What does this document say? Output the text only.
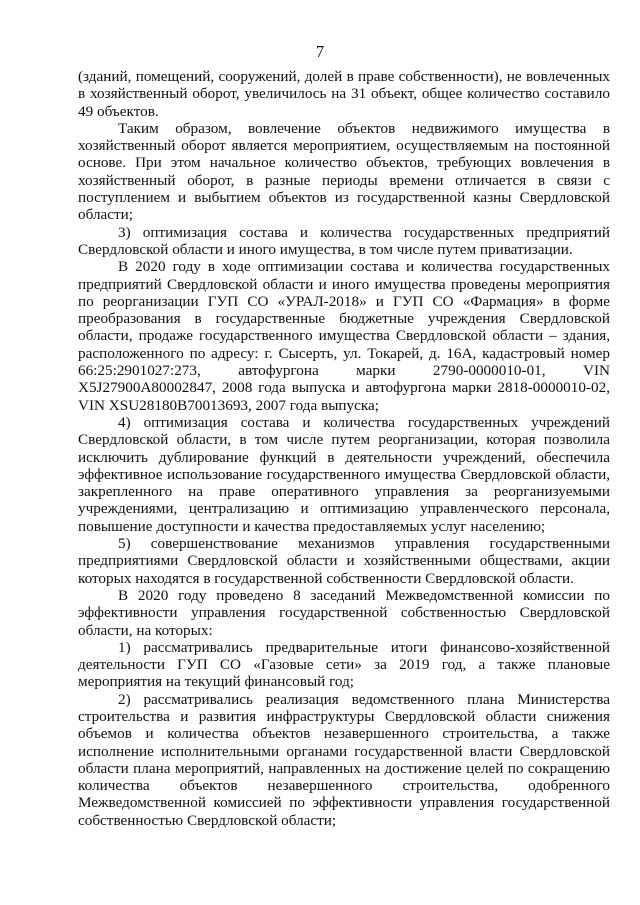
7

(зданий, помещений, сооружений, долей в праве собственности), не вовлеченных в хозяйственный оборот, увеличилось на 31 объект, общее количество составило 49 объектов.

Таким образом, вовлечение объектов недвижимого имущества в хозяйственный оборот является мероприятием, осуществляемым на постоянной основе. При этом начальное количество объектов, требующих вовлечения в хозяйственный оборот, в разные периоды времени отличается в связи с поступлением и выбытием объектов из государственной казны Свердловской области;

3) оптимизация состава и количества государственных предприятий Свердловской области и иного имущества, в том числе путем приватизации.

В 2020 году в ходе оптимизации состава и количества государственных предприятий Свердловской области и иного имущества проведены мероприятия по реорганизации ГУП СО «УРАЛ-2018» и ГУП СО «Фармация» в форме преобразования в государственные бюджетные учреждения Свердловской области, продаже государственного имущества Свердловской области – здания, расположенного по адресу: г. Сысерть, ул. Токарей, д. 16А, кадастровый номер 66:25:2901027:273, автофургона марки 2790-0000010-01, VIN X5J27900A80002847, 2008 года выпуска и автофургона марки 2818-0000010-02, VIN XSU28180B70013693, 2007 года выпуска;

4) оптимизация состава и количества государственных учреждений Свердловской области, в том числе путем реорганизации, которая позволила исключить дублирование функций в деятельности учреждений, обеспечила эффективное использование государственного имущества Свердловской области, закрепленного на праве оперативного управления за реорганизуемыми учреждениями, централизацию и оптимизацию управленческого персонала, повышение доступности и качества предоставляемых услуг населению;

5) совершенствование механизмов управления государственными предприятиями Свердловской области и хозяйственными обществами, акции которых находятся в государственной собственности Свердловской области.

В 2020 году проведено 8 заседаний Межведомственной комиссии по эффективности управления государственной собственностью Свердловской области, на которых:

1) рассматривались предварительные итоги финансово-хозяйственной деятельности ГУП СО «Газовые сети» за 2019 год, а также плановые мероприятия на текущий финансовый год;

2) рассматривались реализация ведомственного плана Министерства строительства и развития инфраструктуры Свердловской области снижения объемов и количества объектов незавершенного строительства, а также исполнение исполнительными органами государственной власти Свердловской области плана мероприятий, направленных на достижение целей по сокращению количества объектов незавершенного строительства, одобренного Межведомственной комиссией по эффективности управления государственной собственностью Свердловской области;
